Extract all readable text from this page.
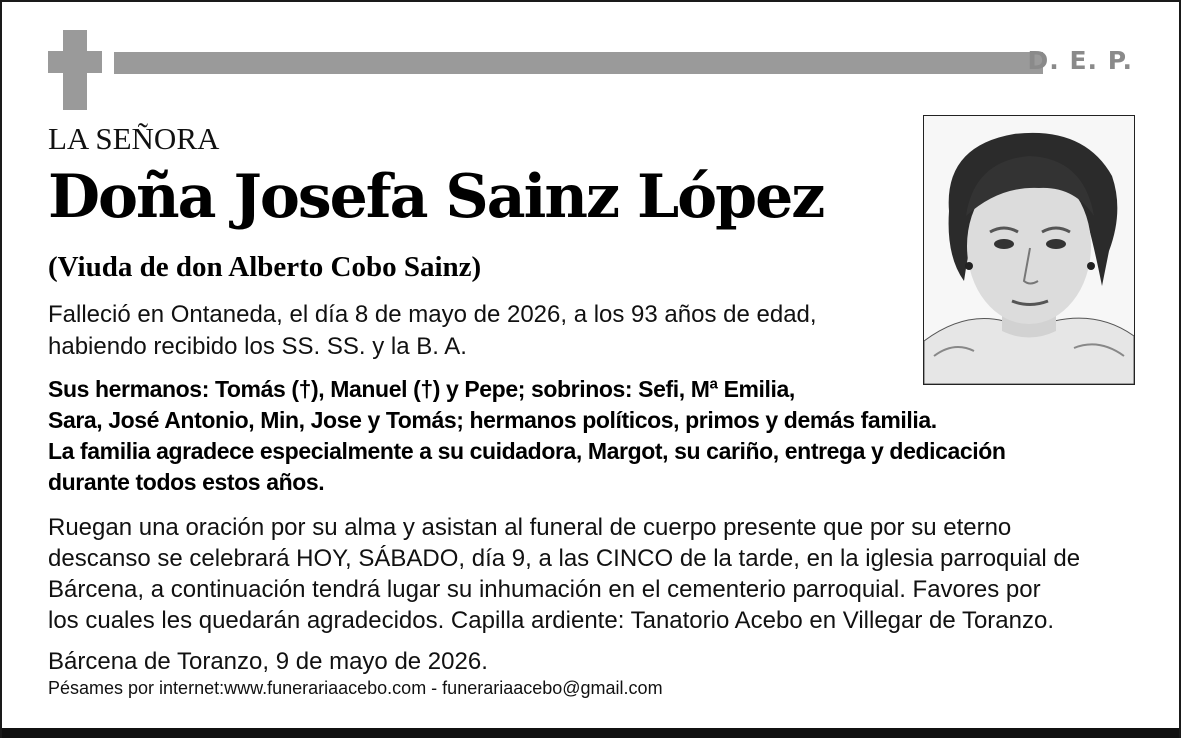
D. E. P.
LA SEÑORA
Doña Josefa Sainz López
(Viuda de don Alberto Cobo Sainz)
Falleció en Ontaneda, el día 8 de mayo de 2026, a los 93 años de edad,
habiendo recibido los SS. SS. y la B. A.
Sus hermanos: Tomás (†), Manuel (†) y Pepe; sobrinos: Sefi, Mª Emilia,
Sara, José Antonio, Min, Jose y Tomás; hermanos políticos, primos y demás familia.
La familia agradece especialmente a su cuidadora, Margot, su cariño, entrega y dedicación
durante todos estos años.
Ruegan una oración por su alma y asistan al funeral de cuerpo presente que por su eterno
descanso se celebrará HOY, SÁBADO, día 9, a las CINCO de la tarde, en la iglesia parroquial de
Bárcena, a continuación tendrá lugar su inhumación en el cementerio parroquial. Favores por
los cuales les quedarán agradecidos. Capilla ardiente: Tanatorio Acebo en Villegar de Toranzo.
Bárcena de Toranzo, 9 de mayo de 2026.
Pésames por internet:www.funerariaacebo.com - funerariaacebo@gmail.com
